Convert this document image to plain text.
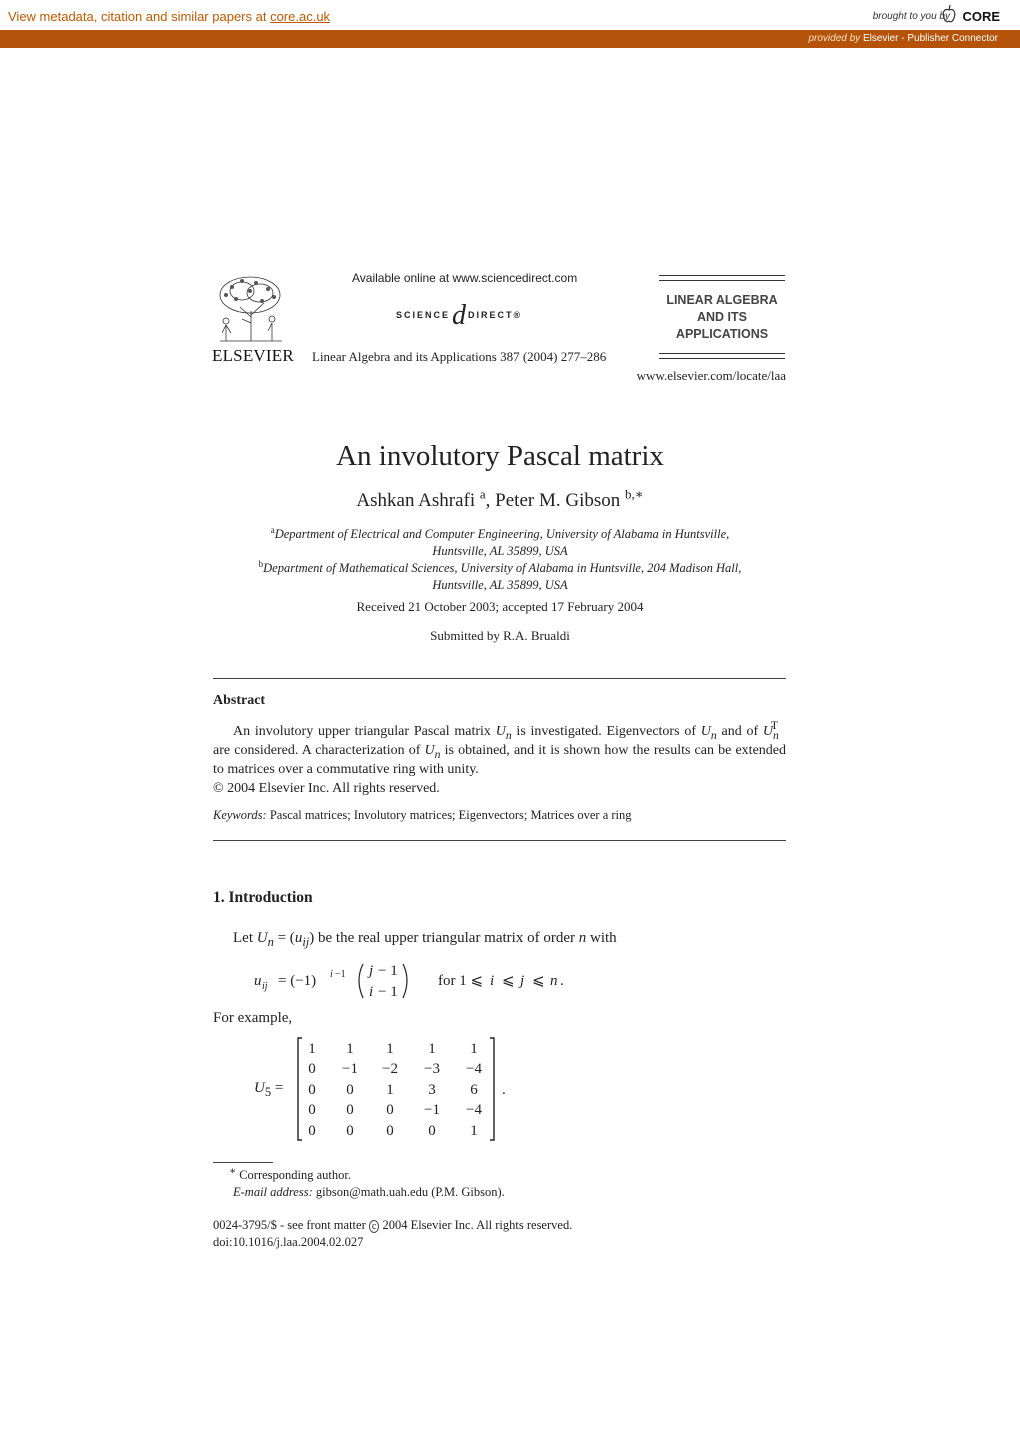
View metadata, citation and similar papers at core.ac.uk	brought to you by CORE
provided by Elsevier - Publisher Connector
ELSEVIER
Available online at www.sciencedirect.com
SCIENCEd DIRECT®
Linear Algebra and its Applications 387 (2004) 277–286
www.elsevier.com/locate/laa
LINEAR ALGEBRA
AND ITS
APPLICATIONS
An involutory Pascal matrix
Ashkan Ashrafi $^a$, Peter M. Gibson $^{b,∗}$
$^a$Department of Electrical and Computer Engineering, University of Alabama in Huntsville,
Huntsville, AL 35899, USA
$^b$Department of Mathematical Sciences, University of Alabama in Huntsville, 204 Madison Hall,
Huntsville, AL 35899, USA
Received 21 October 2003; accepted 17 February 2004
Submitted by R.A. Brualdi
Abstract
An involutory upper triangular Pascal matrix $U_n$ is investigated. Eigenvectors of $U_n$ and of $U_n^T$ are considered. A characterization of $U_n$ is obtained, and it is shown how the results can be extended to matrices over a commutative ring with unity.
© 2004 Elsevier Inc. All rights reserved.
Keywords: Pascal matrices; Involutory matrices; Eigenvectors; Matrices over a ring
1. Introduction
Let $U_n = (u_{ij})$ be the real upper triangular matrix of order n with
u ij = (−1) i −1 j − 1
i − 1
for 1 ⩽ i ⩽ j ⩽ n .
For example,
$U_5$ =	.
1 1 1 1 1
0 −1 −2 −3 −4
0 0 1 3 6
0 0 0 −1 −4
0 0 0 0 1
∗ Corresponding author.
E-mail address: gibson@math.uah.edu (P.M. Gibson).
0024-3795/$ - see front matter c 2004 Elsevier Inc. All rights reserved.
doi:10.1016/j.laa.2004.02.027
